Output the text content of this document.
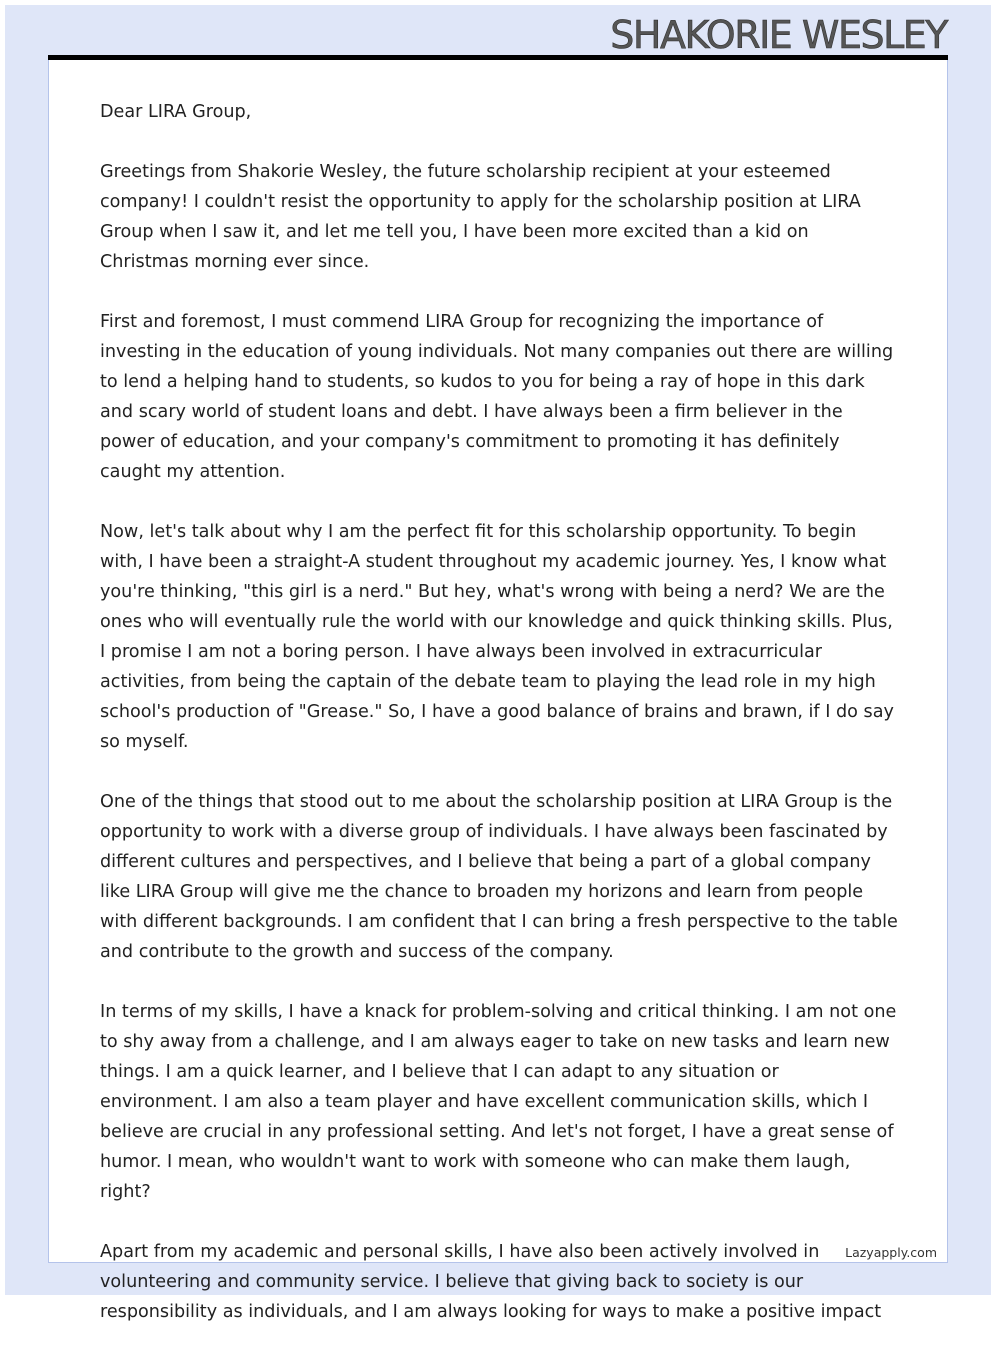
SHAKORIE WESLEY

Dear LIRA Group,

Greetings from Shakorie Wesley, the future scholarship recipient at your esteemed company! I couldn't resist the opportunity to apply for the scholarship position at LIRA Group when I saw it, and let me tell you, I have been more excited than a kid on Christmas morning ever since.

First and foremost, I must commend LIRA Group for recognizing the importance of investing in the education of young individuals. Not many companies out there are willing to lend a helping hand to students, so kudos to you for being a ray of hope in this dark and scary world of student loans and debt. I have always been a firm believer in the power of education, and your company's commitment to promoting it has definitely caught my attention.

Now, let's talk about why I am the perfect fit for this scholarship opportunity. To begin with, I have been a straight-A student throughout my academic journey. Yes, I know what you're thinking, "this girl is a nerd." But hey, what's wrong with being a nerd? We are the ones who will eventually rule the world with our knowledge and quick thinking skills. Plus, I promise I am not a boring person. I have always been involved in extracurricular activities, from being the captain of the debate team to playing the lead role in my high school's production of "Grease." So, I have a good balance of brains and brawn, if I do say so myself.

One of the things that stood out to me about the scholarship position at LIRA Group is the opportunity to work with a diverse group of individuals. I have always been fascinated by different cultures and perspectives, and I believe that being a part of a global company like LIRA Group will give me the chance to broaden my horizons and learn from people with different backgrounds. I am confident that I can bring a fresh perspective to the table and contribute to the growth and success of the company.

In terms of my skills, I have a knack for problem-solving and critical thinking. I am not one to shy away from a challenge, and I am always eager to take on new tasks and learn new things. I am a quick learner, and I believe that I can adapt to any situation or environment. I am also a team player and have excellent communication skills, which I believe are crucial in any professional setting. And let's not forget, I have a great sense of humor. I mean, who wouldn't want to work with someone who can make them laugh, right?

Apart from my academic and personal skills, I have also been actively involved in volunteering and community service. I believe that giving back to society is our responsibility as individuals, and I am always looking for ways to make a positive impact

Lazyapply.com
